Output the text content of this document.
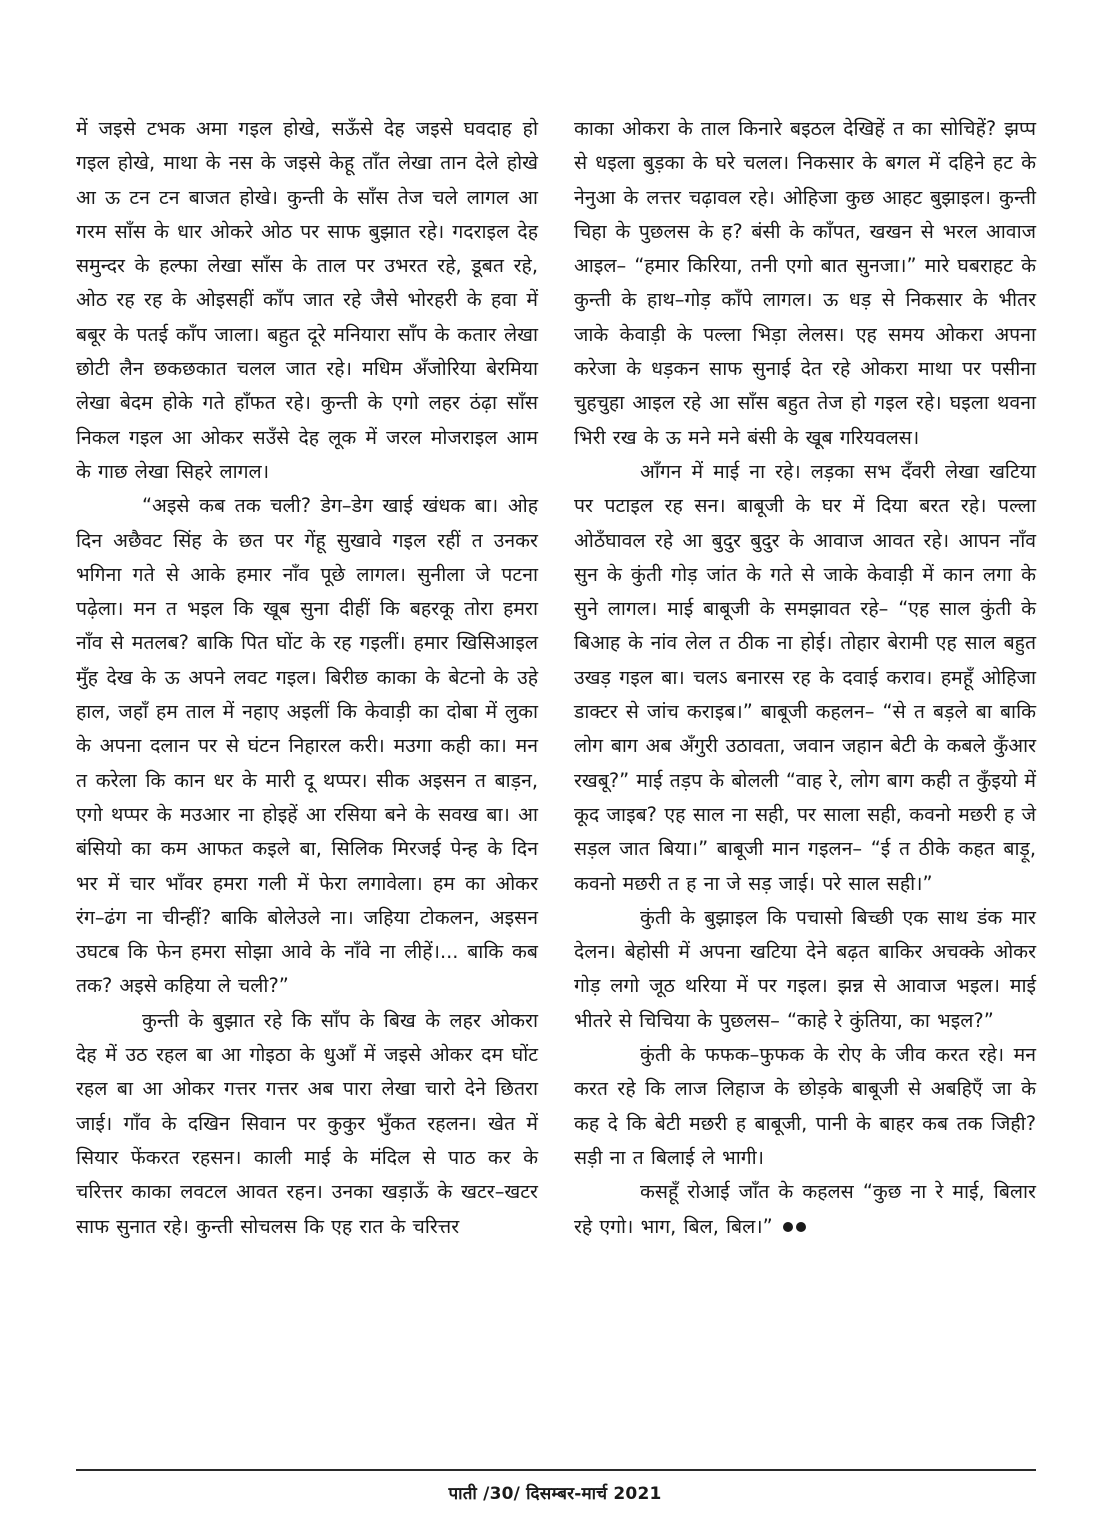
में जइसे टभक अमा गइल होखे, सऊँसे देह जइसे घवदाह हो गइल होखे, माथा के नस के जइसे केहू ताँत लेखा तान देले होखे आ ऊ टन टन बाजत होखे। कुन्ती के साँस तेज चले लागल आ गरम साँस के धार ओकरे ओठ पर साफ बुझात रहे। गदराइल देह समुन्दर के हल्फा लेखा साँस के ताल पर उभरत रहे, डूबत रहे, ओठ रह रह के ओइसहीं काँप जात रहे जैसे भोरहरी के हवा में बबूर के पतई काँप जाला। बहुत दूरे मनियारा साँप के कतार लेखा छोटी लैन छकछकात चलल जात रहे। मधिम अँजोरिया बेरमिया लेखा बेदम होके गते हाँफत रहे। कुन्ती के एगो लहर ठंढ़ा साँस निकल गइल आ ओकर सउँसे देह लूक में जरल मोजराइल आम के गाछ लेखा सिहरे लागल।

“अइसे कब तक चली? डेग–डेग खाई खंधक बा। ओह दिन अछैवट सिंह के छत पर गेंहू सुखावे गइल रहीं त उनकर भगिना गते से आके हमार नाँव पूछे लागल। सुनीला जे पटना पढ़ेला। मन त भइल कि खूब सुना दीहीं कि बहरकू तोरा हमरा नाँव से मतलब? बाकि पित घोंट के रह गइलीं। हमार खिसिआइल मुँह देख के ऊ अपने लवट गइल। बिरीछ काका के बेटनो के उहे हाल, जहाँ हम ताल में नहाए अइलीं कि केवाड़ी का दोबा में लुका के अपना दलान पर से घंटन निहारल करी। मउगा कही का। मन त करेला कि कान धर के मारी दू थप्पर। सीक अइसन त बाड़न, एगो थप्पर के मउआर ना होइहें आ रसिया बने के सवख बा। आ बंसियो का कम आफत कइले बा, सिलिक मिरजई पेन्ह के दिन भर में चार भाँवर हमरा गली में फेरा लगावेला। हम का ओकर रंग–ढंग ना चीन्हीं? बाकि बोलेउले ना। जहिया टोकलन, अइसन उघटब कि फेन हमरा सोझा आवे के नाँवे ना लीहें।... बाकि कब तक? अइसे कहिया ले चली?”

कुन्ती के बुझात रहे कि साँप के बिख के लहर ओकरा देह में उठ रहल बा आ गोइठा के धुआँ में जइसे ओकर दम घोंट रहल बा आ ओकर गत्तर गत्तर अब पारा लेखा चारो देने छितरा जाई। गाँव के दखिन सिवान पर कुकुर भुँकत रहलन। खेत में सियार फेंकरत रहसन। काली माई के मंदिल से पाठ कर के चरित्तर काका लवटल आवत रहन। उनका खड़ाऊँ के खटर–खटर साफ सुनात रहे। कुन्ती सोचलस कि एह रात के चरित्तर

काका ओकरा के ताल किनारे बइठल देखिहें त का सोचिहें? झप्प से धइला बुड़का के घरे चलल। निकसार के बगल में दहिने हट के नेनुआ के लत्तर चढ़ावल रहे। ओहिजा कुछ आहट बुझाइल। कुन्ती चिहा के पुछलस के ह? बंसी के काँपत, खखन से भरल आवाज आइल– “हमार किरिया, तनी एगो बात सुनजा।” मारे घबराहट के कुन्ती के हाथ–गोड़ काँपे लागल। ऊ धड़ से निकसार के भीतर जाके केवाड़ी के पल्ला भिड़ा लेलस। एह समय ओकरा अपना करेजा के धड़कन साफ सुनाई देत रहे ओकरा माथा पर पसीना चुहचुहा आइल रहे आ साँस बहुत तेज हो गइल रहे। घइला थवना भिरी रख के ऊ मने मने बंसी के खूब गरियवलस।

आँगन में माई ना रहे। लड़का सभ दँवरी लेखा खटिया पर पटाइल रह सन। बाबूजी के घर में दिया बरत रहे। पल्ला ओठँघावल रहे आ बुदुर बुदुर के आवाज आवत रहे। आपन नाँव सुन के कुंती गोड़ जांत के गते से जाके केवाड़ी में कान लगा के सुने लागल। माई बाबूजी के समझावत रहे– “एह साल कुंती के बिआह के नांव लेल त ठीक ना होई। तोहार बेरामी एह साल बहुत उखड़ गइल बा। चलऽ बनारस रह के दवाई कराव। हमहूँ ओहिजा डाक्टर से जांच कराइब।” बाबूजी कहलन– “से त बड़ले बा बाकि लोग बाग अब अँगुरी उठावता, जवान जहान बेटी के कबले कुँआर रखबू?” माई तड़प के बोलली “वाह रे, लोग बाग कही त कुँइयो में कूद जाइब? एह साल ना सही, पर साला सही, कवनो मछरी ह जे सड़ल जात बिया।” बाबूजी मान गइलन– “ई त ठीके कहत बाड़ू, कवनो मछरी त ह ना जे सड़ जाई। परे साल सही।”

कुंती के बुझाइल कि पचासो बिच्छी एक साथ डंक मार देलन। बेहोसी में अपना खटिया देने बढ़त बाकिर अचक्के ओकर गोड़ लगो जूठ थरिया में पर गइल। झन्न से आवाज भइल। माई भीतरे से चिचिया के पुछलस– “काहे रे कुंतिया, का भइल?”

कुंती के फफक–फुफक के रोए के जीव करत रहे। मन करत रहे कि लाज लिहाज के छोड़के बाबूजी से अबहिएँ जा के कह दे कि बेटी मछरी ह बाबूजी, पानी के बाहर कब तक जिही? सड़ी ना त बिलाई ले भागी।

कसहूँ रोआई जाँत के कहलस “कुछ ना रे माई, बिलार रहे एगो। भाग, बिल, बिल।”

पाती /30/ दिसम्बर-मार्च 2021
